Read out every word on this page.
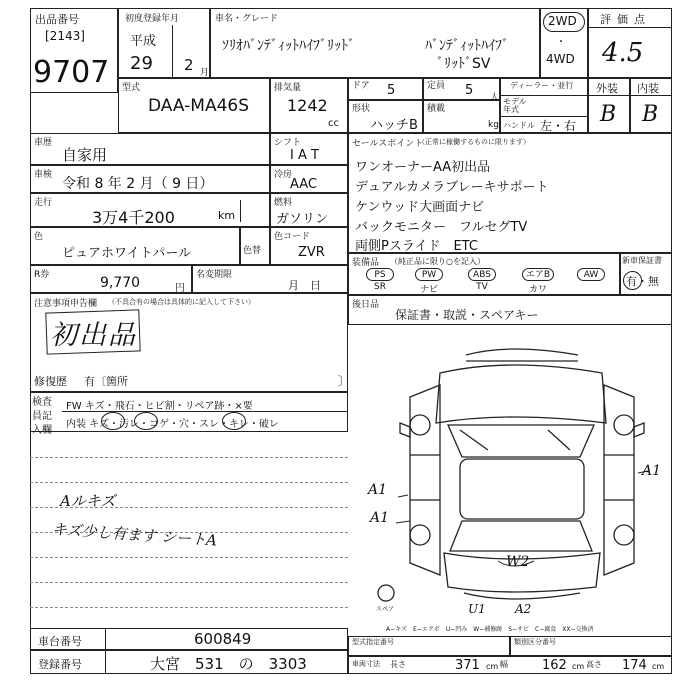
出品番号
[2143]
9707
初度登録年月
平成
29 2 月
車名・グレード
ｿﾘｵﾊﾞﾝﾃﾞｨｯﾄﾊｲﾌﾞﾘｯﾄﾞ	ﾊﾞﾝﾃﾞｨｯﾄﾊｲﾌﾞ
ﾞﾘｯﾄﾞSV
2WD
・
4WD
評価点
4.5
型式
DAA-MA46S
排気量
1242
cc
ドア 5	定員 5 人
形状
ハッチB
積載
kg
ディーラー・並行
モデル年式
ハンドル 左・右
外装
B
内装
B
車歴
自家用
シフト
I A T
車検
令和 8 年 2 月（ 9 日）
冷房
AAC
走行
3万4千200	km
燃料
ガソリン
色
ピュアホワイトパール	色替
色コード
ZVR
R券	9,770	円
名変期限
月　日
注意事項申告欄 （不具合有の場合は具体的に記入して下さい）
初出品
修復歴 有〔箇所	〕
検査員記入欄
FW キズ・飛石・ヒビ割・リペア跡・×要
内装 キズ・汚レ・コゲ・穴・スレ・キレ・破レ
Aルキズ
キズ少し有ます シートA
セールスポイント
（正常に稼働するものに限ります）
ワンオーナーAA初出品
デュアルカメラブレーキサポート
ケンウッド大画面ナビ
バックモニター　フルセグTV
両側Pスライド　ETC
装備品 （純正品に限り○を記入）
PS
SR
PW
ナビ
ABS
TV
エアB
カワ
AW
新車保証書
有・無
後日品
保証書・取説・スペアキー
A1
A1
A1
W2
U1 A2
スペア
A−キズ　E−エクボ　U−凹み　W−補修跡　S−サビ　C−腐食　XX−交換済
車台番号	600849
登録番号	大宮　531　の　3303
型式指定番号	類別区分番号
車両寸法 長さ	371 cm 幅	162 cm 高さ 174 cm
